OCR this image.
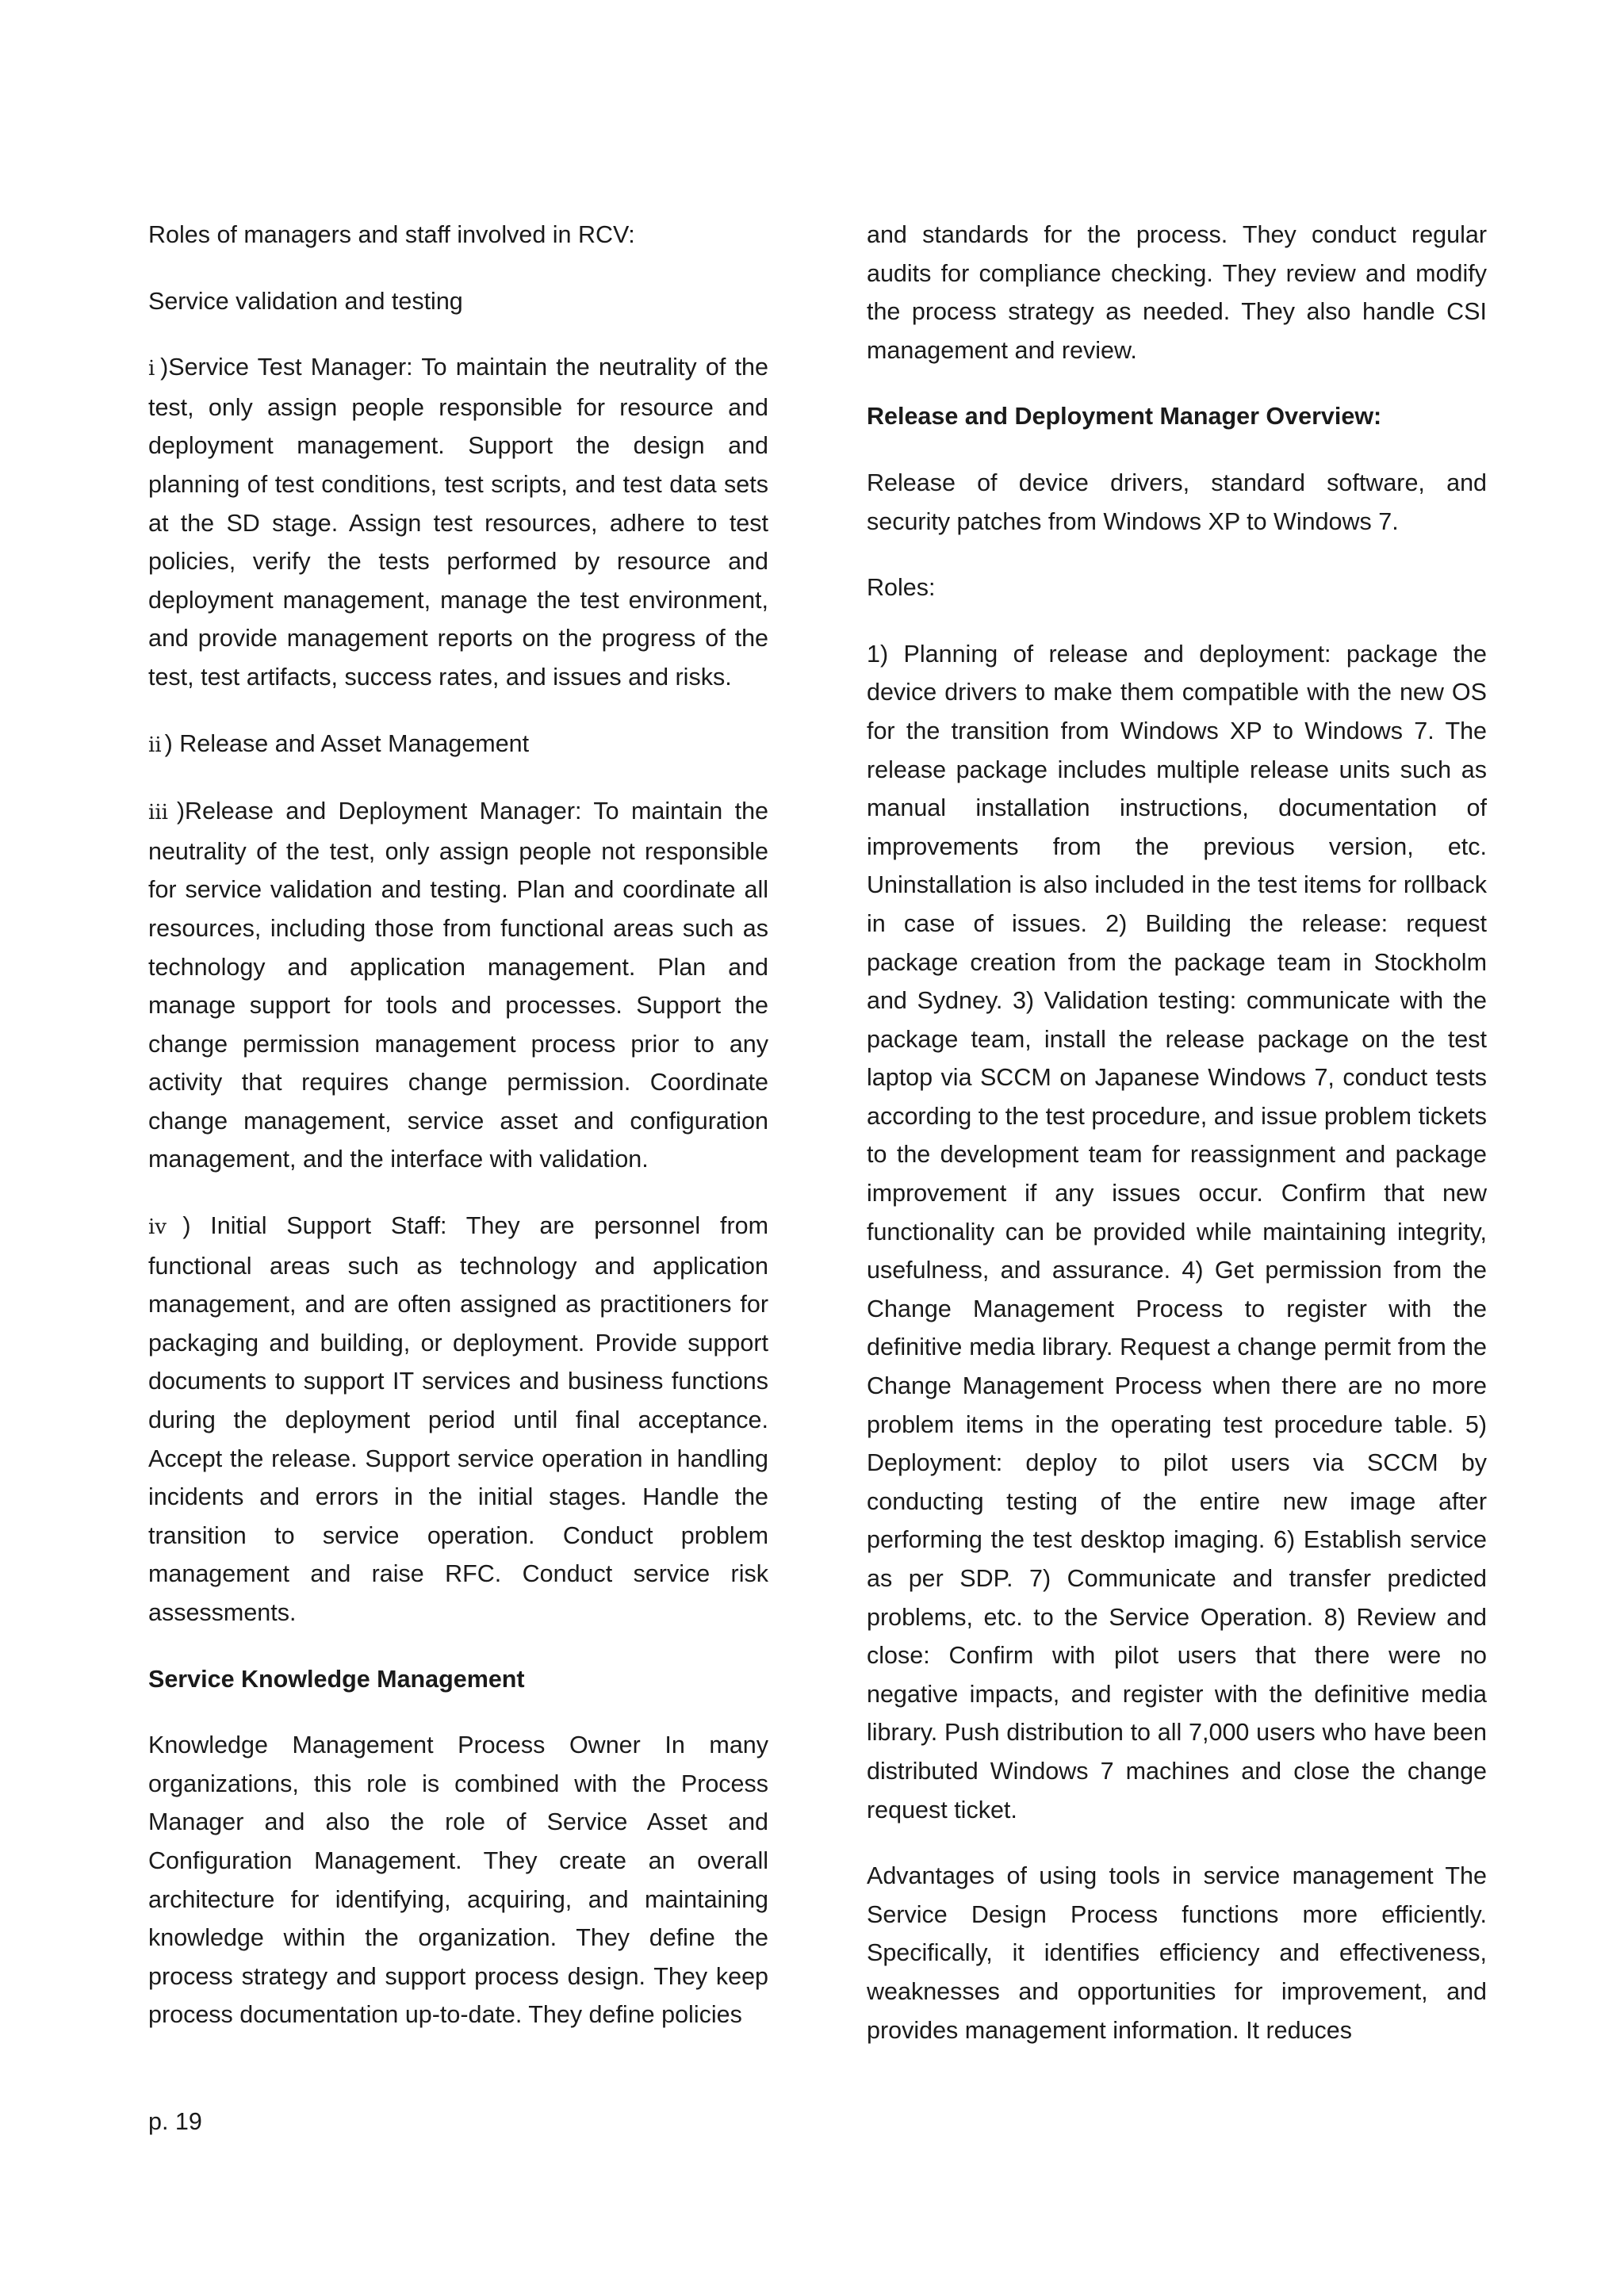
Roles of managers and staff involved in RCV:

Service validation and testing

ⅰ )Service Test Manager: To maintain the neutrality of the test, only assign people responsible for resource and deployment management. Support the design and planning of test conditions, test scripts, and test data sets at the SD stage. Assign test resources, adhere to test policies, verify the tests performed by resource and deployment management, manage the test environment, and provide management reports on the progress of the test, test artifacts, success rates, and issues and risks.

ⅱ ) Release and Asset Management

ⅲ )Release and Deployment Manager: To maintain the neutrality of the test, only assign people not responsible for service validation and testing. Plan and coordinate all resources, including those from functional areas such as technology and application management. Plan and manage support for tools and processes. Support the change permission management process prior to any activity that requires change permission. Coordinate change management, service asset and configuration management, and the interface with validation.

ⅳ ) Initial Support Staff: They are personnel from functional areas such as technology and application management, and are often assigned as practitioners for packaging and building, or deployment. Provide support documents to support IT services and business functions during the deployment period until final acceptance. Accept the release. Support service operation in handling incidents and errors in the initial stages. Handle the transition to service operation. Conduct problem management and raise RFC. Conduct service risk assessments.

Service Knowledge Management

Knowledge Management Process Owner In many organizations, this role is combined with the Process Manager and also the role of Service Asset and Configuration Management. They create an overall architecture for identifying, acquiring, and maintaining knowledge within the organization. They define the process strategy and support process design. They keep process documentation up-to-date. They define policies

and standards for the process. They conduct regular audits for compliance checking. They review and modify the process strategy as needed. They also handle CSI management and review.

Release and Deployment Manager Overview:

Release of device drivers, standard software, and security patches from Windows XP to Windows 7.

Roles:

1) Planning of release and deployment: package the device drivers to make them compatible with the new OS for the transition from Windows XP to Windows 7. The release package includes multiple release units such as manual installation instructions, documentation of improvements from the previous version, etc. Uninstallation is also included in the test items for rollback in case of issues. 2) Building the release: request package creation from the package team in Stockholm and Sydney. 3) Validation testing: communicate with the package team, install the release package on the test laptop via SCCM on Japanese Windows 7, conduct tests according to the test procedure, and issue problem tickets to the development team for reassignment and package improvement if any issues occur. Confirm that new functionality can be provided while maintaining integrity, usefulness, and assurance. 4) Get permission from the Change Management Process to register with the definitive media library. Request a change permit from the Change Management Process when there are no more problem items in the operating test procedure table. 5) Deployment: deploy to pilot users via SCCM by conducting testing of the entire new image after performing the test desktop imaging. 6) Establish service as per SDP. 7) Communicate and transfer predicted problems, etc. to the Service Operation. 8) Review and close: Confirm with pilot users that there were no negative impacts, and register with the definitive media library. Push distribution to all 7,000 users who have been distributed Windows 7 machines and close the change request ticket.

Advantages of using tools in service management The Service Design Process functions more efficiently. Specifically, it identifies efficiency and effectiveness, weaknesses and opportunities for improvement, and provides management information. It reduces

p. 19
